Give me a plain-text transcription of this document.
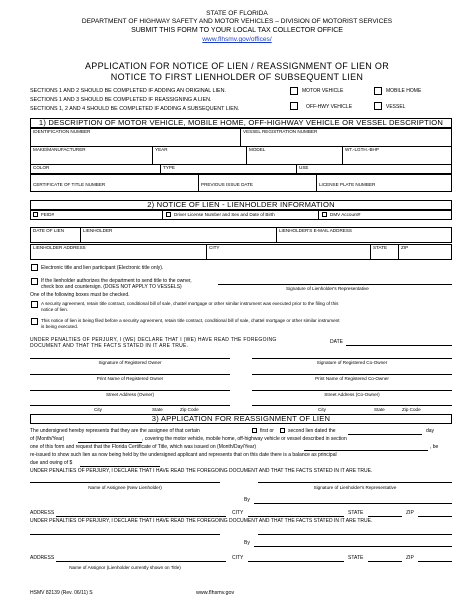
STATE OF FLORIDA
DEPARTMENT OF HIGHWAY SAFETY AND MOTOR VEHICLES – DIVISION OF MOTORIST SERVICES
SUBMIT THIS FORM TO YOUR LOCAL TAX COLLECTOR OFFICE
www.flhsmv.gov/offices/
APPLICATION FOR NOTICE OF LIEN / REASSIGNMENT OF LIEN OR
NOTICE TO FIRST LIENHOLDER OF SUBSEQUENT LIEN
SECTIONS 1 AND 2 SHOULD BE COMPLETED IF ADDING AN ORIGINAL LIEN.
SECTIONS 1 AND 3 SHOULD BE COMPLETED IF REASSIGNING A LIEN.
SECTIONS 1, 2 AND 4 SHOULD BE COMPLETED IF ADDING A SUBSEQUENT LIEN.
MOTOR VEHICLE	MOBILE HOME
OFF-HWY VEHICLE	VESSEL
1) DESCRIPTION OF MOTOR VEHICLE, MOBILE HOME, OFF-HIGHWAY VEHICLE OR VESSEL DESCRIPTION
IDENTIFICATION NUMBER	VESSEL REGISTRATION NUMBER
MAKE/MANUFACTURER	YEAR	MODEL	WT.-LGTH.-BHP
COLOR	TYPE	USE
CERTIFICATE OF TITLE NUMBER	PREVIOUS ISSUE DATE	LICENSE PLATE NUMBER
2) NOTICE OF LIEN - LIENHOLDER INFORMATION
FEID#	Driver License Number and Sex and Date of Birth	DMV Account#
DATE OF LIEN	LIENHOLDER	LIENHOLDER'S E-MAIL ADDRESS
LIENHOLDER ADDRESS	CITY	STATE	ZIP
Electronic title and lien participant (Electronic title only).
If the lienholder authorizes the department to send title to the owner,
check box and countersign. (DOES NOT APPLY TO VESSELS)	Signature of Lienholder's Representative
One of the following boxes must be checked.
A security agreement, retain title contract, conditional bill of sale, chattel mortgage or other similar instrument was executed prior to the filing of this
notice of lien.
This notice of lien is being filed before a security agreement, retain title contract, conditional bill of sale, chattel mortgage or other similar instrument
is being executed.
UNDER PENALTIES OF PERJURY, I (WE) DECLARE THAT I (WE) HAVE READ THE FOREGOING
DOCUMENT AND THAT THE FACTS STATED IN IT ARE TRUE.
DATE
Signature of Registered Owner	Signature of Registered Co-Owner
Print Name of Registered Owner	Print Name of Registered Co-Owner
Street Address (Owner)	Street Address (Co-Owner)
City	State	Zip Code	City	State	Zip Code
3) APPLICATION FOR REASSIGNMENT OF LIEN
The undersigned hereby represents that they are the assignee of that certain	first or	second lien dated the	day
of (Month/Year)	, covering the motor vehicle, mobile home, off-highway vehicle or vessel described in section
one of this form and request that the Florida Certificate of Title, which was issued on (Month/Day/Year)	, be
re-issued to show such lien as now being held by the undersigned applicant and represents that on this date there is a balance as principal
due and owing of $
UNDER PENALTIES OF PERJURY, I DECLARE THAT I HAVE READ THE FOREGOING DOCUMENT AND THAT THE FACTS STATED IN IT ARE TRUE.
Name of Assignee (New Lienholder)	Signature of Lienholder's Representative
By
ADDRESS	CITY	STATE	ZIP
UNDER PENALTIES OF PERJURY, I DECLARE THAT I HAVE READ THE FOREGOING DOCUMENT AND THAT THE FACTS STATED IN IT ARE TRUE.
By
ADDRESS	CITY	STATE	ZIP
Name of Assignor (Lienholder currently shown on Title)
HSMV 82139 (Rev. 06/11) S	www.flhsmv.gov
